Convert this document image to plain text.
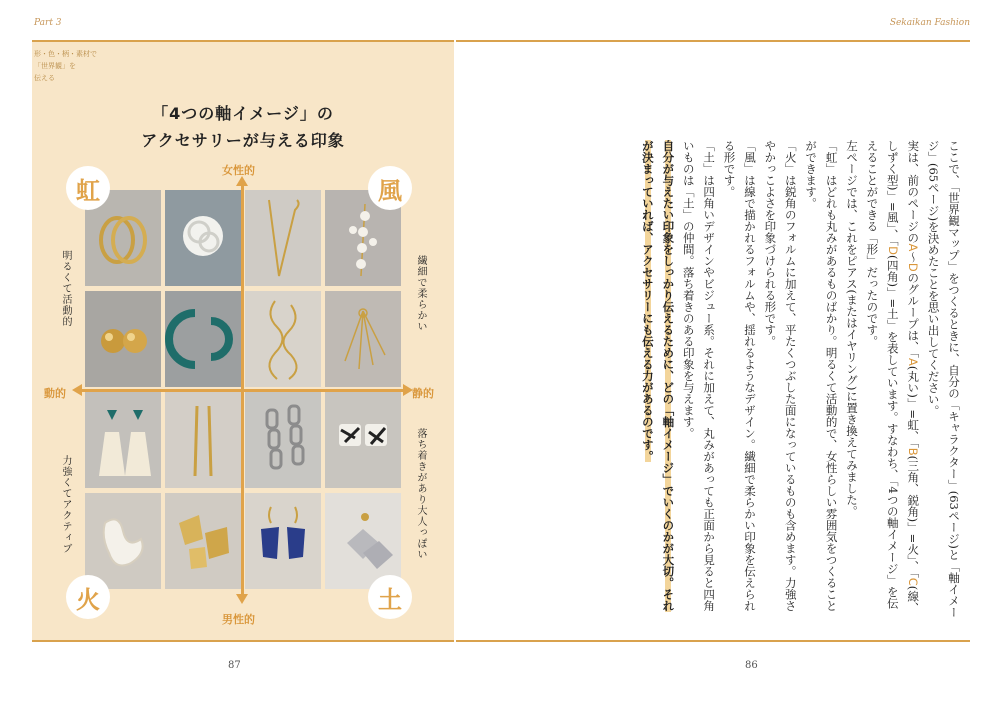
Part 3	Sekaikan Fashion
形・色・柄・素材で
「世界観」を
伝える
「4つの軸イメージ」の
アクセサリーが与える印象
女性的
男性的
動的	静的
明るくて活動的
力強くてアクティブ
繊細で柔らかい
落ち着きがあり大人っぽい
虹	風
火	土
87	86

ここで、「世界観マップ」をつくるときに、自分の「キャラクター」(63ページ)と「軸イメージ」(65ページ)を決めたことを思い出してください。

実は、前のページのA〜Dのグループは、「A(丸い)」=虹、「B(三角、鋭角)」=火」、「C(線、しずく型)」=風」、「D(四角)」=土」を表しています。すなわち、「4つの軸イメージ」を伝えることができる「形」だったのです。

左ページでは、これをピアス(またはイヤリング)に置き換えてみました。

「虹」はどれも丸みがあるものばかり。明るくて活動的で、女性らしい雰囲気をつくることができます。

「火」は鋭角のフォルムに加えて、平たくつぶした面になっているものも含めます。力強さやかっこよさを印象づけられる形です。

「風」は線で描かれるフォルムや、揺れるようなデザイン。繊細で柔らかい印象を伝えられる形です。

「土」は四角いデザインやビジュー系。それに加えて、丸みがあっても正面から見ると四角いものは「土」の仲間。落ち着きのある印象を与えます。

自分が与えたい印象をしっかり伝えるために、どの「軸イメージ」でいくのかが大切。それが決まっていれば、アクセサリーにも伝える力があるのです。
